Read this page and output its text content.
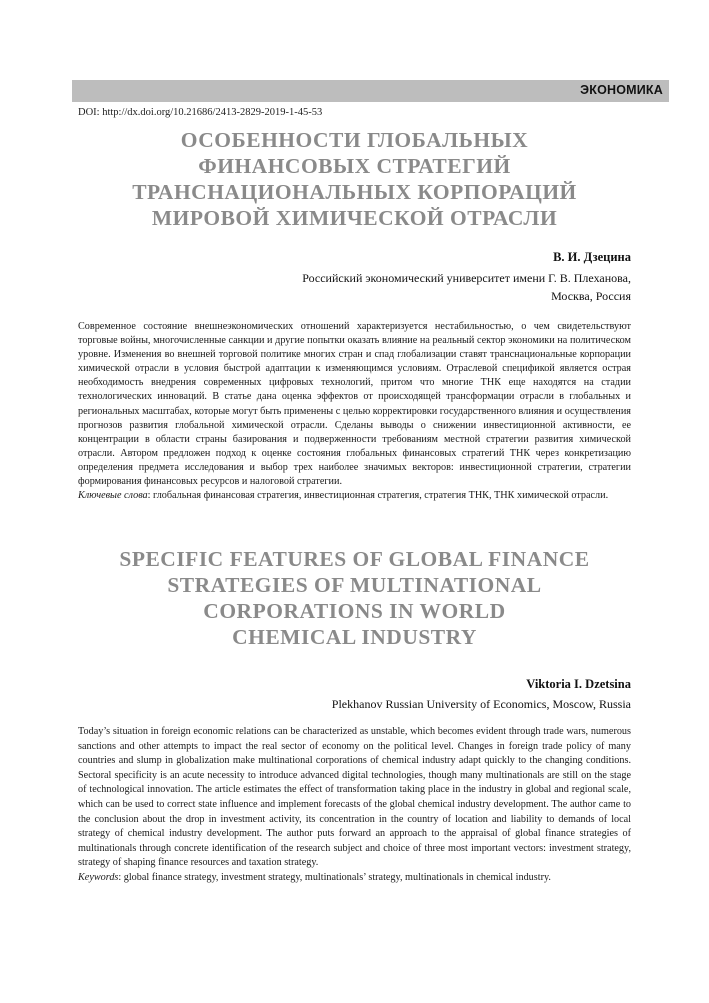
ЭКОНОМИКА
DOI: http://dx.doi.org/10.21686/2413-2829-2019-1-45-53
ОСОБЕННОСТИ ГЛОБАЛЬНЫХ
ФИНАНСОВЫХ СТРАТЕГИЙ
ТРАНСНАЦИОНАЛЬНЫХ КОРПОРАЦИЙ
МИРОВОЙ ХИМИЧЕСКОЙ ОТРАСЛИ
В. И. Дзецина
Российский экономический университет имени Г. В. Плеханова,
Москва, Россия
Современное состояние внешнеэкономических отношений характеризуется нестабильностью, о чем свидетельствуют торговые войны, многочисленные санкции и другие попытки оказать влияние на реальный сектор экономики на политическом уровне. Изменения во внешней торговой политике многих стран и спад глобализации ставят транснациональные корпорации химической отрасли в условия быстрой адаптации к изменяющимся условиям. Отраслевой спецификой является острая необходимость внедрения современных цифровых технологий, притом что многие ТНК еще находятся на стадии технологических инноваций. В статье дана оценка эффектов от происходящей трансформации отрасли в глобальных и региональных масштабах, которые могут быть применены с целью корректировки государственного влияния и осуществления прогнозов развития глобальной химической отрасли. Сделаны выводы о снижении инвестиционной активности, ее концентрации в области страны базирования и подверженности требованиям местной стратегии развития химической отрасли. Автором предложен подход к оценке состояния глобальных финансовых стратегий ТНК через конкретизацию определения предмета исследования и выбор трех наиболее значимых векторов: инвестиционной стратегии, стратегии формирования финансовых ресурсов и налоговой стратегии.
Ключевые слова: глобальная финансовая стратегия, инвестиционная стратегия, стратегия ТНК, ТНК химической отрасли.
SPECIFIC FEATURES OF GLOBAL FINANCE
STRATEGIES OF MULTINATIONAL
CORPORATIONS IN WORLD
CHEMICAL INDUSTRY
Viktoria I. Dzetsina
Plekhanov Russian University of Economics, Moscow, Russia
Today’s situation in foreign economic relations can be characterized as unstable, which becomes evident through trade wars, numerous sanctions and other attempts to impact the real sector of economy on the political level. Changes in foreign trade policy of many countries and slump in globalization make multinational corporations of chemical industry adapt quickly to the changing conditions. Sectoral specificity is an acute necessity to introduce advanced digital technologies, though many multinationals are still on the stage of technological innovation. The article estimates the effect of transformation taking place in the industry in global and regional scale, which can be used to correct state influence and implement forecasts of the global chemical industry development. The author came to the conclusion about the drop in investment activity, its concentration in the country of location and liability to demands of local strategy of chemical industry development. The author puts forward an approach to the appraisal of global finance strategies of multinationals through concrete identification of the research subject and choice of three most important vectors: investment strategy, strategy of shaping finance resources and taxation strategy.
Keywords: global finance strategy, investment strategy, multinationals’ strategy, multinationals in chemical industry.
